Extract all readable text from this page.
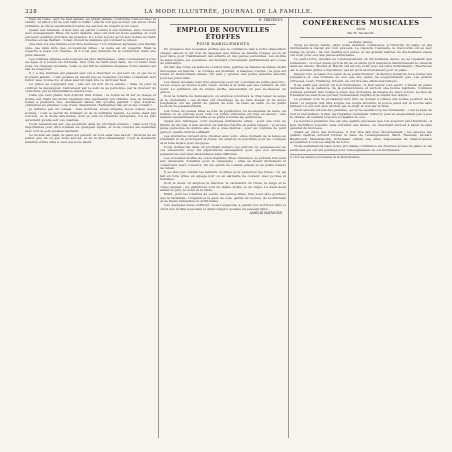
328	LA MODE ILLUSTRÉE, JOURNAL DE LA FAMILLE.

bien du reste, qu'il ne faut jamais, au grand jamais, confondre l'amour avec la vanité ; et elle a tort de s'en tenir à l'effet ; elle ne voit pas le fond, qui est la chose véritable, la chose essentielle à toutes les œuvres de l'esprit et du cœur.

Quant aux femmes, il faut leur en parler comme à des femmes, avec douceur, avec ménagement. Elles ont leurs défauts, elles ont surtout leurs qualités, et c'est par leurs qualités qu'il faut les prendre. Il y a des leçons qu'on leur donne en riant, d'autres en les flattant ; il faut choisir la manière qui convient le mieux.

Que faut-il à une femme pour être heureuse ? Un intérieur agréable, une famille unie, des amis sûrs, des occupations utiles ; le reste est du superflu. Mais le superflu a aussi son charme, et il n'est pas défendu de le rechercher dans une juste mesure.

Les toilettes simples sont toujours les plus distinguées ; elles conviennent à tous les âges et à toutes les fortunes. Une robe de laine bien faite, un col blanc bien posé, un chapeau modeste, voilà ce qui fait la véritable élégance d'une femme qui sait se respecter.

Il y a des femmes qui passent leur vie à chercher ce qui leur va, et qui ne le trouvent jamais ; c'est qu'elles ne savent pas se regarder. Qu'elles consultent leur miroir avec bonne foi, et elles sauront bien vite ce qu'il leur faut.

La grâce ne s'apprend pas ; elle est un don de la nature ; mais on peut la cultiver, la développer, l'entretenir par le soin de sa personne, par la douceur du caractère, par la bienveillance envers tous.

Celle qui veut plaire doit d'abord être bonne ; la bonté se lit sur le visage et donne aux traits les moins réguliers une expression qui charme. Que de femmes, belles à première vue, deviennent laides dès qu'elles parlent ! Que d'autres, ordinaires au premier coup d'œil, deviennent charmantes dès qu'on les connaît !

Je termine par un conseil : mes lectrices, soyez simples, soyez vraies, soyez bonnes ; c'est le secret du bonheur et de la véritable beauté. Le reste vient par surcroît, et la mode elle-même, dont je suis ici l'humble interprète, n'a de prix qu'autant qu'elle sert ces qualités.

Nous reviendrons sur ces questions dans un prochain numéro ; elles sont trop importantes pour être traitées en quelques lignes, et nous voulons les examiner avec tout le soin qu'elles méritent.

Le monde est plein de gens qui parlent de tout sans rien savoir ; tâchons de ne parler que de ce que nous savons, et de le dire simplement. C'est la meilleure manière d'être utile à ceux qui nous lisent.

E. TREVENOT.
EMPLOI DE NOUVELLES ÉTOFFES
POUR HABILLEMENTS

En présence des nouvelles étoffes que le commerce met à notre disposition chaque saison, il est bon de rappeler aux mères de famille l'usage qu'on en peut faire pour l'habillement des enfants et des jeunes personnes. Les étoffes de laine légère, les popelines, les mohairs conviennent parfaitement aux robes de printemps.

On fait des robes en laine de couleur unie, garnies de bandes de même étoffe découpées en festons ; le corsage est montant, à basques courtes ; la jupe est ronde et modérément ample. On peut y ajouter une petite pèlerine assortie pour les jours frais.

Les tissus écossais sont très employés pour les costumes de petits garçons ; on les coupe en blouse à plis creux, serrée à la taille par une ceinture de cuir verni. Le pantalon est de même étoffe, descendant un peu au-dessous du genou.

Pour la toilette de demi-saison, on emploie volontiers le drap léger, la serge et le cachemire ; ces étoffes ont l'avantage de se bien draper et de durer longtemps. On les garnit de galons de soie, de biais de satin ou de petits boutons de passementerie.

Les robes de jeunes filles se font de préférence en mousseline de laine, en batiste ou en percale pour l'été. La forme princesse est très en faveur ; elle dessine agréablement la taille et se prête à toutes les garnitures.

Quant aux métrages, voici quelques indications utiles : pour une robe de fillette de dix ans, il faut environ six mètres d'étoffe en petite largeur ; pour une jeune personne de quinze ans, dix à onze mètres ; pour un costume de petit garçon, quatre mètres suffisent.

Les doublures doivent être choisies avec soin : elles donnent de la tenue au vêtement et en prolongent la durée. On emploie la percaline pour les corsages et la toile légère pour les jupes.

Nous donnerons dans un prochain numéro les patrons de quelques-uns de ces vêtements, avec les explications nécessaires pour que nos abonnées puissent les exécuter elles-mêmes sans difficulté.

Les nouvelles étoffes de coton imprimé, dites cretonnes, se prêtent très bien aux vêtements d'enfants pour la campagne ; elles se lavent facilement et conservent leurs couleurs. On les garnit de volants plissés et de petits nœuds de ruban.

Il ne faut pas oublier les tabliers, si utiles pour préserver les robes ; on les fait en toile grise, en alpaga noir ou en satinette de couleur, avec poches et bretelles.

Pour le deuil, on emploie le mérinos, le cachemire de l'Inde, la serge et le crêpe anglais ; les garnitures sont de même étoffe ou de crêpe. Le demi-deuil admet le gris, le violet et le blanc.

Enfin, pour les toilettes de soirée des jeunes filles, rien n'est plus gracieux que la tarlatane, l'organdi et la gaze de soie, garnis de ruches, de bouillonnés et de fleurs naturelles ou artificielles.

Ces quelques notes suffiront, nous l'espérons, à guider nos lectrices dans le choix des étoffes nouvelles et dans l'emploi qu'elles en peuvent faire.

AMÉLIE RAYMOND.
CONFÉRENCES MUSICALES
XXVII
Par M. Weckerlin.
Le Piano (suite).

Nous en étions restés, dans notre dernière conférence, à l'histoire du piano et des instruments à clavier qui l'ont précédé. Le clavecin, l'épinette, le clavicorde ont eu leur temps de gloire ; ils ont charmé nos pères, et les grands maîtres du dix-huitième siècle ont écrit pour eux des pièces admirables.

Le piano-forte, inventé au commencement du dix-huitième siècle, ne se répandit que lentement ; ce n'est guère qu'à la fin de ce siècle qu'il remplaça définitivement le clavecin dans les salons. Mozart et Haydn ont encore écrit pour les deux instruments ; Beethoven est le premier grand compositeur qui ait écrit exclusivement pour le piano.

Depuis lors, le piano n'a cessé de se perfectionner ; la facture moderne lui a donné une puissance et une richesse de son que nos pères ne soupçonnaient pas. Les grands virtuoses, Liszt, Thalberg, Chopin, en ont tiré des effets merveilleux.

Il ne suffit pas d'avoir un bon instrument ; il faut savoir s'en servir. L'étude du piano demande de la patience, de la persévérance et surtout une bonne méthode. Combien d'élèves perdent leur temps à jouer des morceaux au-dessus de leurs forces, au lieu de travailler les exercices qui leur donneraient l'agilité et la sûreté des doigts !

Le premier soin du professeur doit être de donner à l'élève une bonne position de la main ; le poignet doit être souple, les doigts arrondis, le pouce placé sur la touche sans raideur. Le son doit être produit par le doigt et non par le bras.

Vient ensuite l'étude des gammes, qu'on ne saurait trop recommander ; c'est la base de tout le mécanisme. Il faut les travailler lentement d'abord, puis en augmentant peu à peu la vitesse, en veillant toujours à l'égalité du son.

La lecture à première vue est une qualité précieuse que l'on acquiert par l'habitude ; il faut déchiffrer souvent, sans s'arrêter aux fautes, en cherchant surtout à saisir le sens général du morceau.

Quant au choix des morceaux, il doit être fait avec discernement ; les œuvres des grands maîtres doivent former la base de l'enseignement. Bach, Haendel, Mozart, Beethoven, Mendelssohn, Schumann offrent une mine inépuisable de chefs-d'œuvre accessibles à tous les degrés de force.

Nous examinerons dans notre prochaine conférence les diverses écoles de piano et les méthodes qui ont été publiées pour l'enseignement de cet instrument.

(1) Voir les numéros précédents de la Mode Illustrée.
